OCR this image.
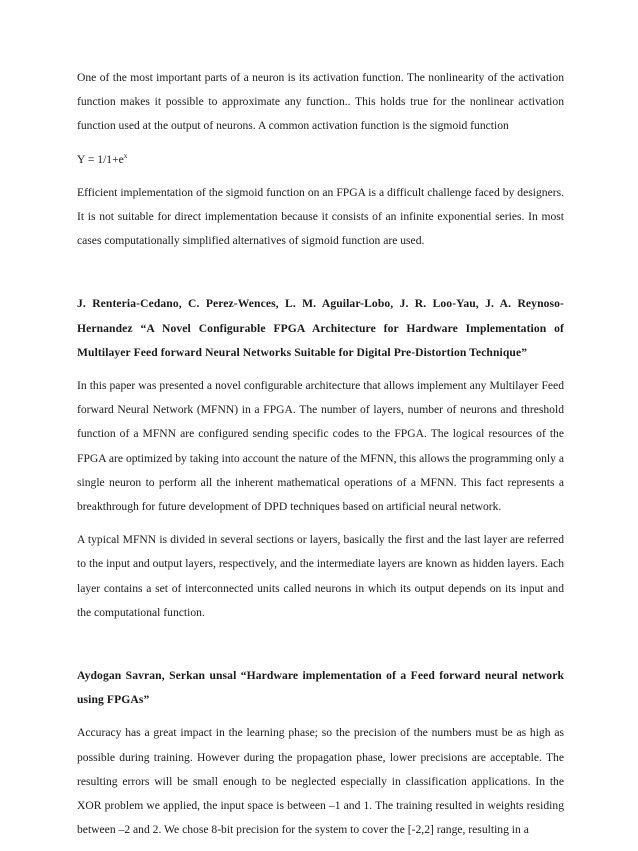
One of the most important parts of a neuron is its activation function. The nonlinearity of the activation function makes it possible to approximate any function.. This holds true for the nonlinear activation function used at the output of neurons. A common activation function is the sigmoid function

$Y = 1/1+e^x$

Efficient implementation of the sigmoid function on an FPGA is a difficult challenge faced by designers. It is not suitable for direct implementation because it consists of an infinite exponential series. In most cases computationally simplified alternatives of sigmoid function are used.

J. Renteria-Cedano, C. Perez-Wences, L. M. Aguilar-Lobo, J. R. Loo-Yau, J. A. Reynoso-Hernandez “A Novel Configurable FPGA Architecture for Hardware Implementation of Multilayer Feed forward Neural Networks Suitable for Digital Pre-Distortion Technique”

In this paper was presented a novel configurable architecture that allows implement any Multilayer Feed forward Neural Network (MFNN) in a FPGA. The number of layers, number of neurons and threshold function of a MFNN are configured sending specific codes to the FPGA. The logical resources of the FPGA are optimized by taking into account the nature of the MFNN, this allows the programming only a single neuron to perform all the inherent mathematical operations of a MFNN. This fact represents a breakthrough for future development of DPD techniques based on artificial neural network.

A typical MFNN is divided in several sections or layers, basically the first and the last layer are referred to the input and output layers, respectively, and the intermediate layers are known as hidden layers. Each layer contains a set of interconnected units called neurons in which its output depends on its input and the computational function.

Aydogan Savran, Serkan unsal “Hardware implementation of a Feed forward neural network using FPGAs”

Accuracy has a great impact in the learning phase; so the precision of the numbers must be as high as possible during training. However during the propagation phase, lower precisions are acceptable. The resulting errors will be small enough to be neglected especially in classification applications. In the XOR problem we applied, the input space is between –1 and 1. The training resulted in weights residing between –2 and 2. We chose 8-bit precision for the system to cover the [-2,2] range, resulting in a
